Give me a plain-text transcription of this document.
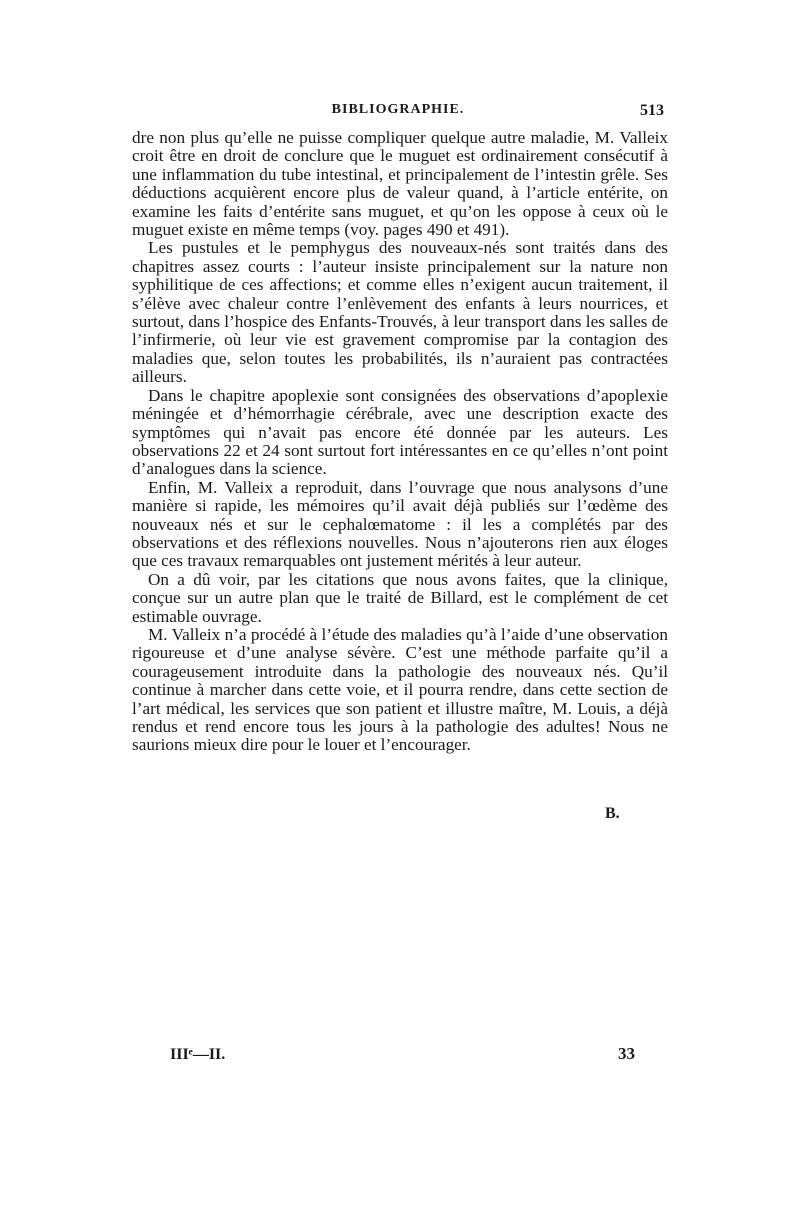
BIBLIOGRAPHIE.	513

dre non plus qu’elle ne puisse compliquer quelque autre maladie, M. Valleix croit être en droit de conclure que le muguet est ordinairement consécutif à une inflammation du tube intestinal, et principalement de l’intestin grêle. Ses déductions acquièrent encore plus de valeur quand, à l’article entérite, on examine les faits d’entérite sans muguet, et qu’on les oppose à ceux où le muguet existe en même temps (voy. pages 490 et 491).

Les pustules et le pemphygus des nouveaux-nés sont traités dans des chapitres assez courts : l’auteur insiste principalement sur la nature non syphilitique de ces affections; et comme elles n’exigent aucun traitement, il s’élève avec chaleur contre l’enlèvement des enfants à leurs nourrices, et surtout, dans l’hospice des Enfants-Trouvés, à leur transport dans les salles de l’infirmerie, où leur vie est gravement compromise par la contagion des maladies que, selon toutes les probabilités, ils n’auraient pas contractées ailleurs.

Dans le chapitre apoplexie sont consignées des observations d’apoplexie méningée et d’hémorrhagie cérébrale, avec une description exacte des symptômes qui n’avait pas encore été donnée par les auteurs. Les observations 22 et 24 sont surtout fort intéressantes en ce qu’elles n’ont point d’analogues dans la science.

Enfin, M. Valleix a reproduit, dans l’ouvrage que nous analysons d’une manière si rapide, les mémoires qu’il avait déjà publiés sur l’œdème des nouveaux nés et sur le cephalœmatome : il les a complétés par des observations et des réflexions nouvelles. Nous n’ajouterons rien aux éloges que ces travaux remarquables ont justement mérités à leur auteur.

On a dû voir, par les citations que nous avons faites, que la clinique, conçue sur un autre plan que le traité de Billard, est le complément de cet estimable ouvrage.

M. Valleix n’a procédé à l’étude des maladies qu’à l’aide d’une observation rigoureuse et d’une analyse sévère. C’est une méthode parfaite qu’il a courageusement introduite dans la pathologie des nouveaux nés. Qu’il continue à marcher dans cette voie, et il pourra rendre, dans cette section de l’art médical, les services que son patient et illustre maître, M. Louis, a déjà rendus et rend encore tous les jours à la pathologie des adultes! Nous ne saurions mieux dire pour le louer et l’encourager.

B.
IIIᵉ—II.	33
